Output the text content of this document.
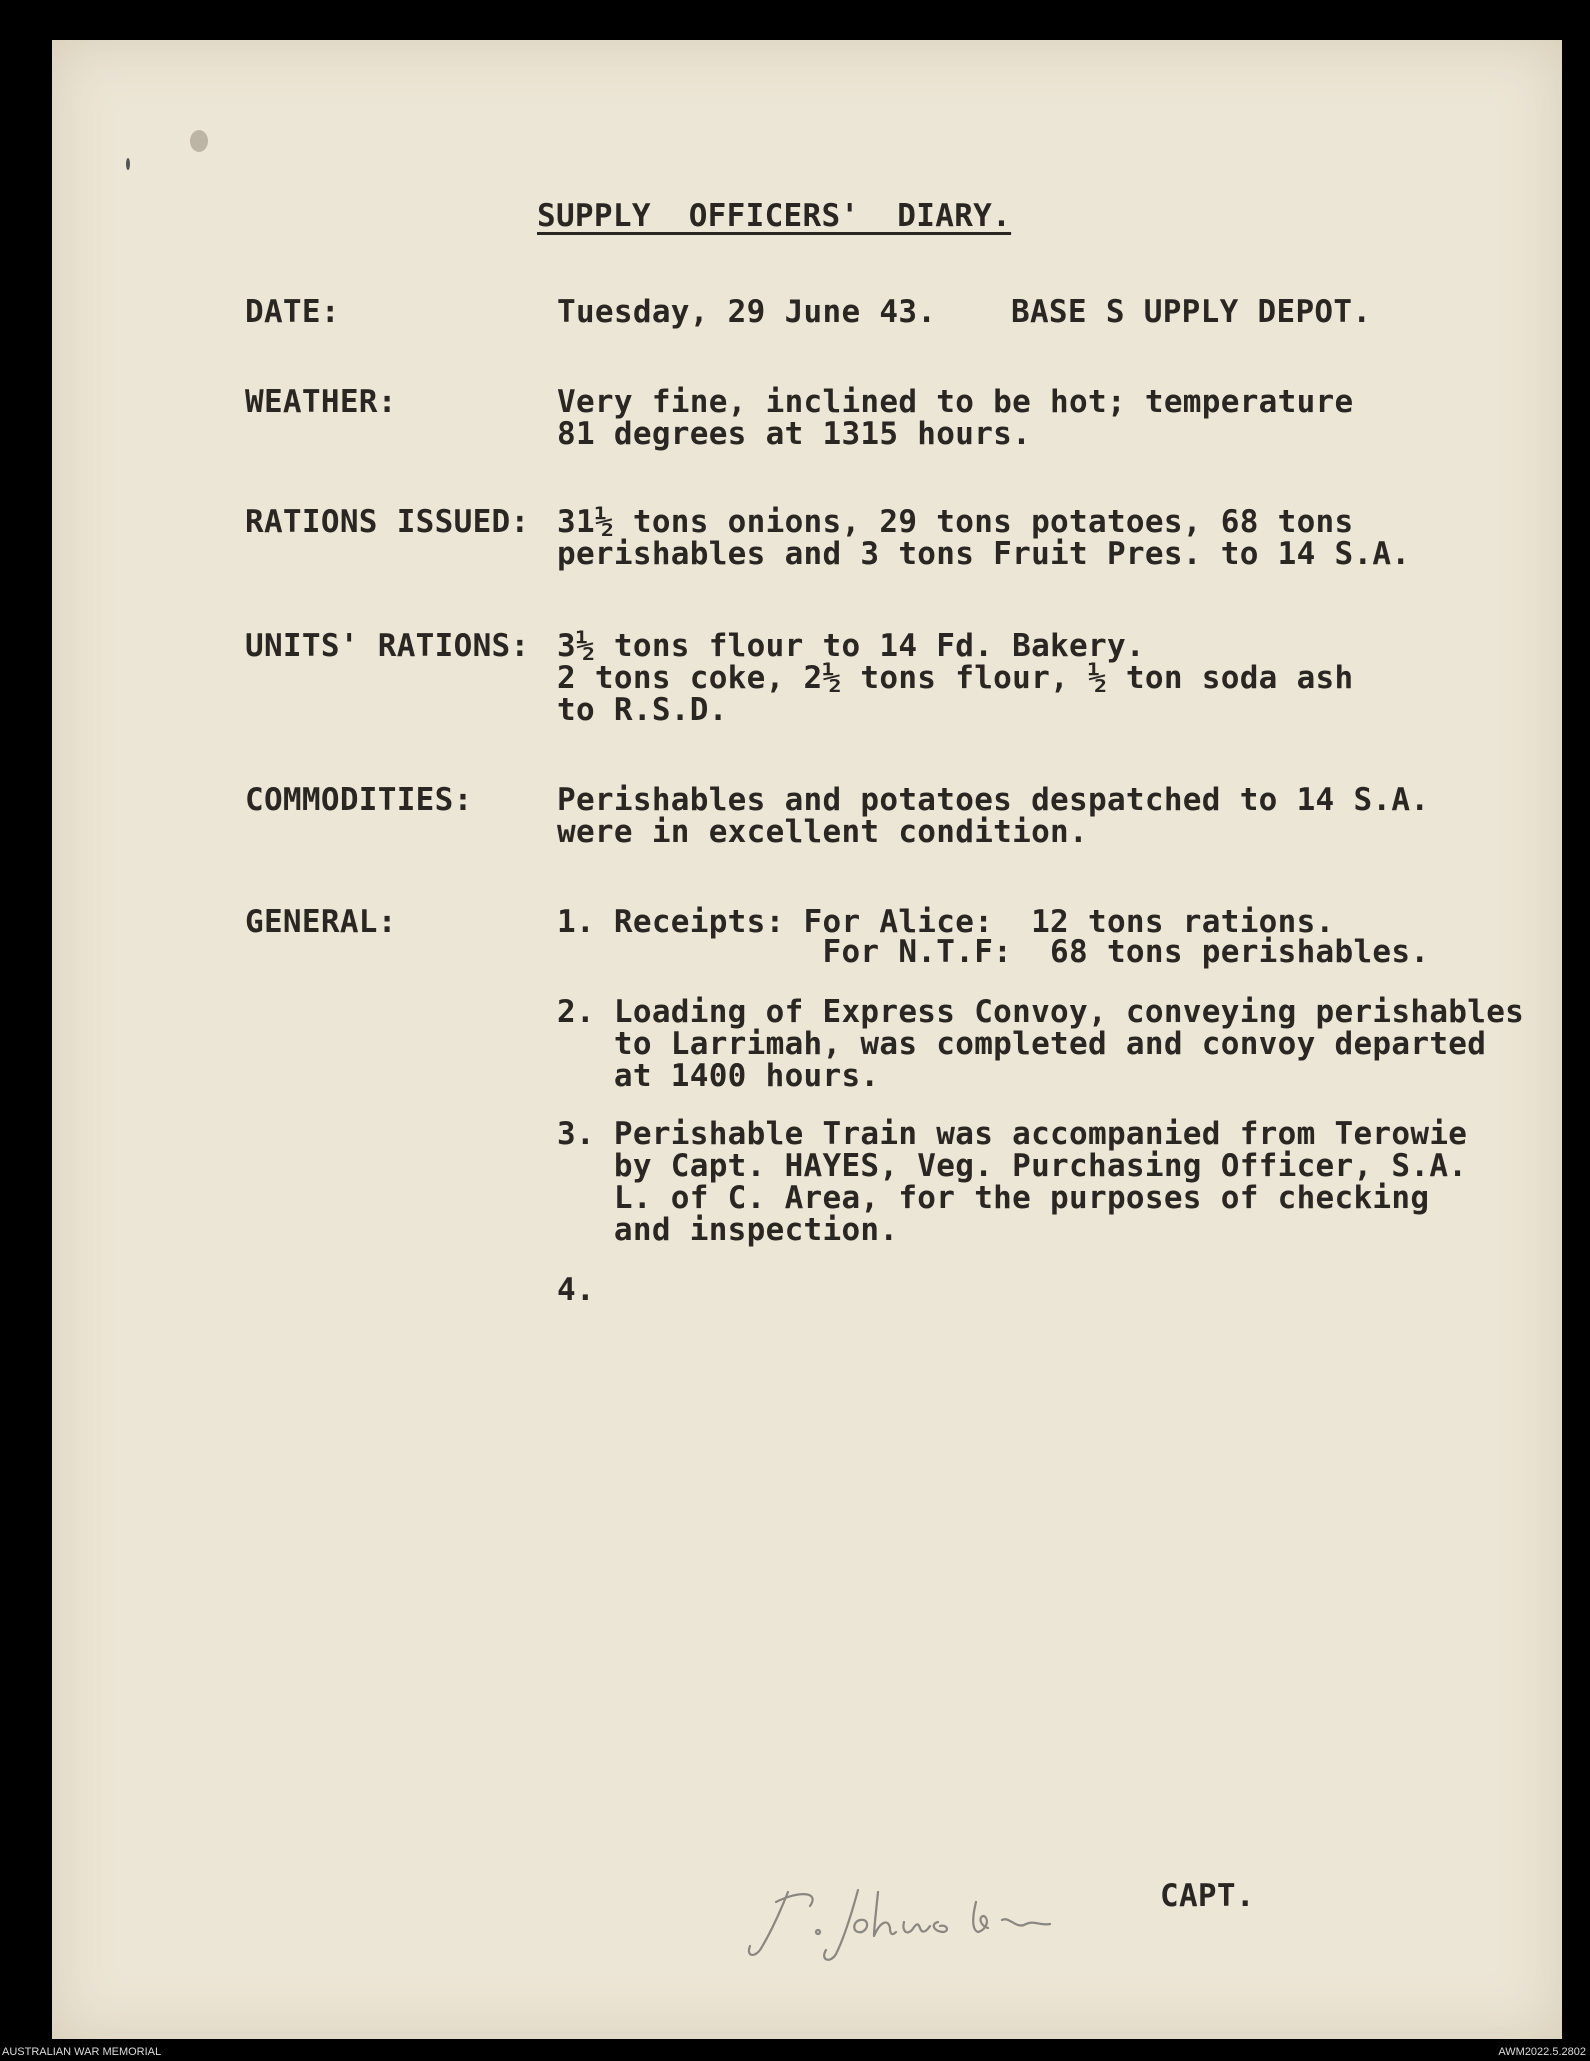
SUPPLY  OFFICERS'  DIARY.
DATE:	Tuesday, 29 June 43. BASE S UPPLY DEPOT.
WEATHER:	Very fine, inclined to be hot; temperature
81 degrees at 1315 hours.
RATIONS ISSUED: 31½ tons onions, 29 tons potatoes, 68 tons
perishables and 3 tons Fruit Pres. to 14 S.A.
UNITS' RATIONS: 3½ tons flour to 14 Fd. Bakery.
2 tons coke, 2½ tons flour, ½ ton soda ash
to R.S.D.
COMMODITIES:	Perishables and potatoes despatched to 14 S.A.
were in excellent condition.
GENERAL:	1. Receipts: For Alice:  12 tons rations.
For N.T.F:  68 tons perishables.
2. Loading of Express Convoy, conveying perishables
to Larrimah, was completed and convoy departed
at 1400 hours.
3. Perishable Train was accompanied from Terowie
by Capt. HAYES, Veg. Purchasing Officer, S.A.
L. of C. Area, for the purposes of checking
and inspection.
4.
CAPT.
AUSTRALIAN WAR MEMORIAL	AWM2022.5.2802
